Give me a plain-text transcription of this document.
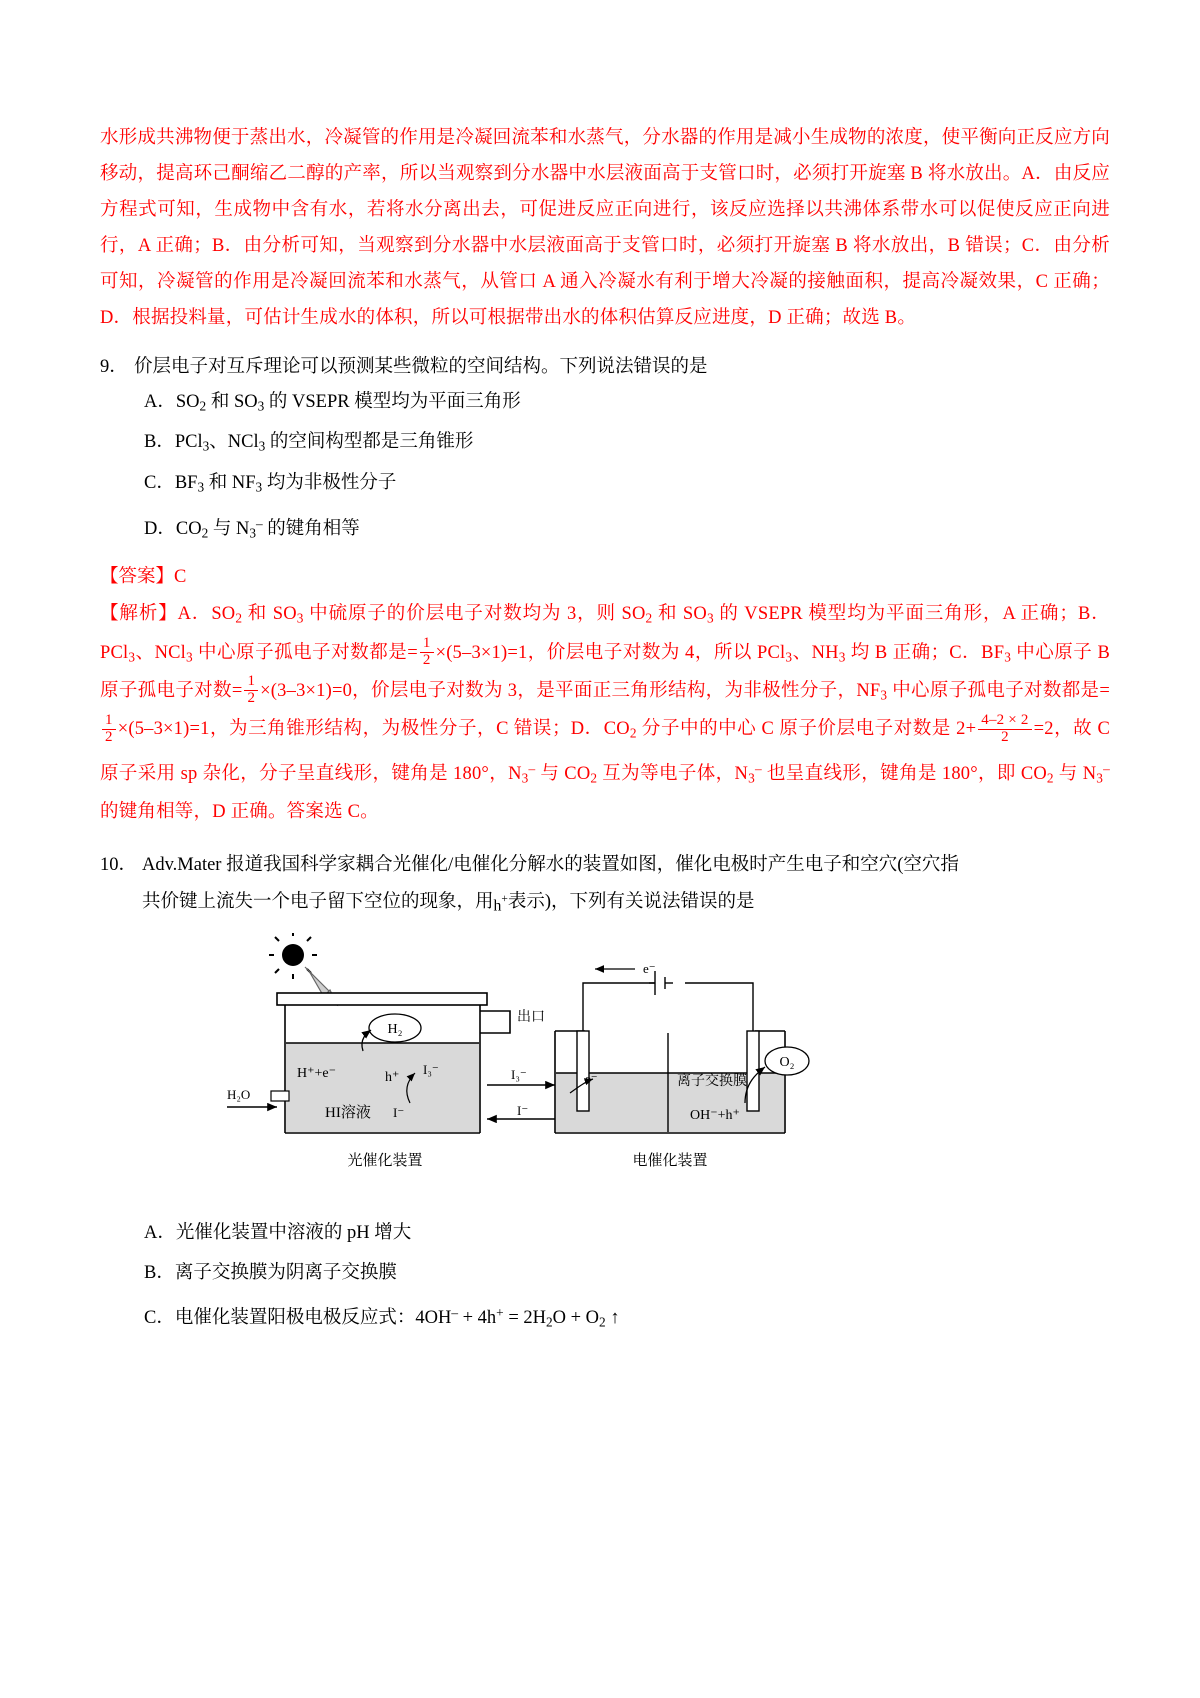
水形成共沸物便于蒸出水，冷凝管的作用是冷凝回流苯和水蒸气，分水器的作用是减小生成物的浓度，使平衡向正反应方向移动，提高环己酮缩乙二醇的产率，所以当观察到分水器中水层液面高于支管口时，必须打开旋塞 B 将水放出。A．由反应方程式可知，生成物中含有水，若将水分离出去，可促进反应正向进行，该反应选择以共沸体系带水可以促使反应正向进行，A 正确；B．由分析可知，当观察到分水器中水层液面高于支管口时，必须打开旋塞 B 将水放出，B 错误；C．由分析可知，冷凝管的作用是冷凝回流苯和水蒸气，从管口 A 通入冷凝水有利于增大冷凝的接触面积，提高冷凝效果，C 正确；D．根据投料量，可估计生成水的体积，所以可根据带出水的体积估算反应进度，D 正确；故选 B。

9． 价层电子对互斥理论可以预测某些微粒的空间结构。下列说法错误的是
A．$SO_2$ 和 $SO_3$ 的 VSEPR 模型均为平面三角形
B．PCl$_3$、NCl$_3$ 的空间构型都是三角锥形
C．$BF_3$ 和 $NF_3$ 均为非极性分子
D．$CO_2$ 与 $N_3^-$ 的键角相等
【答案】C
【解析】A．$SO_2$ 和 $SO_3$ 中硫原子的价层电子对数均为 3，则 $SO_2$ 和 $SO_3$ 的 VSEPR 模型均为平面三角形，A 正确；B．PCl$_3$、NCl$_3$ 中心原子孤电子对数都是= $\frac{1}{2} \times(5-3\times 1)=1$，价层电子对数为 4，所以 PCl$_3$、$NH_3$ 均 B 正确；C．$BF_3$ 中心原子 B 原子孤电子对数= $\frac{1}{2} \times(3-3\times 1)=0$，价层电子对数为 3，是平面正三角形结构，为非极性分子，$NF_3$ 中心原子孤电子对数都是=
$\frac{1}{2} \times(5-3\times 1)=1$，为三角锥形结构，为极性分子，C 错误；D．$CO_2$ 分子中的中心 C 原子价层电子对数是 $2+ \frac{4-2 \times 2}{2} =2$，故 C 原子采用 sp 杂化，分子呈直线形，键角是 180°，$N_3^-$ 与 $CO_2$ 互为等电子体，$N_3^-$ 也呈直线形，键角是 180°，即 $CO_2$ 与 $N_3^-$ 的键角相等，D 正确。答案选 C。
10． Adv.Mater 报道我国科学家耦合光催化/电催化分解水的装置如图，催化电极时产生电子和空穴(空穴指
共价键上流失一个电子留下空位的现象，用$_h$+表示)，下列有关说法错误的是
H₂
出口
H₂O
H⁺+e⁻	h⁺
I₃⁻
I⁻
HI溶液
I₃⁻
I⁻
离子交换膜
e⁻
e⁻
OH⁻+h⁺
O₂
光催化装置	电催化装置
A．光催化装置中溶液的 pH 增大
B．离子交换膜为阴离子交换膜
C．电催化装置阳极电极反应式：$4OH^- + 4h^+ = 2H_2O + O_2$ ↑
